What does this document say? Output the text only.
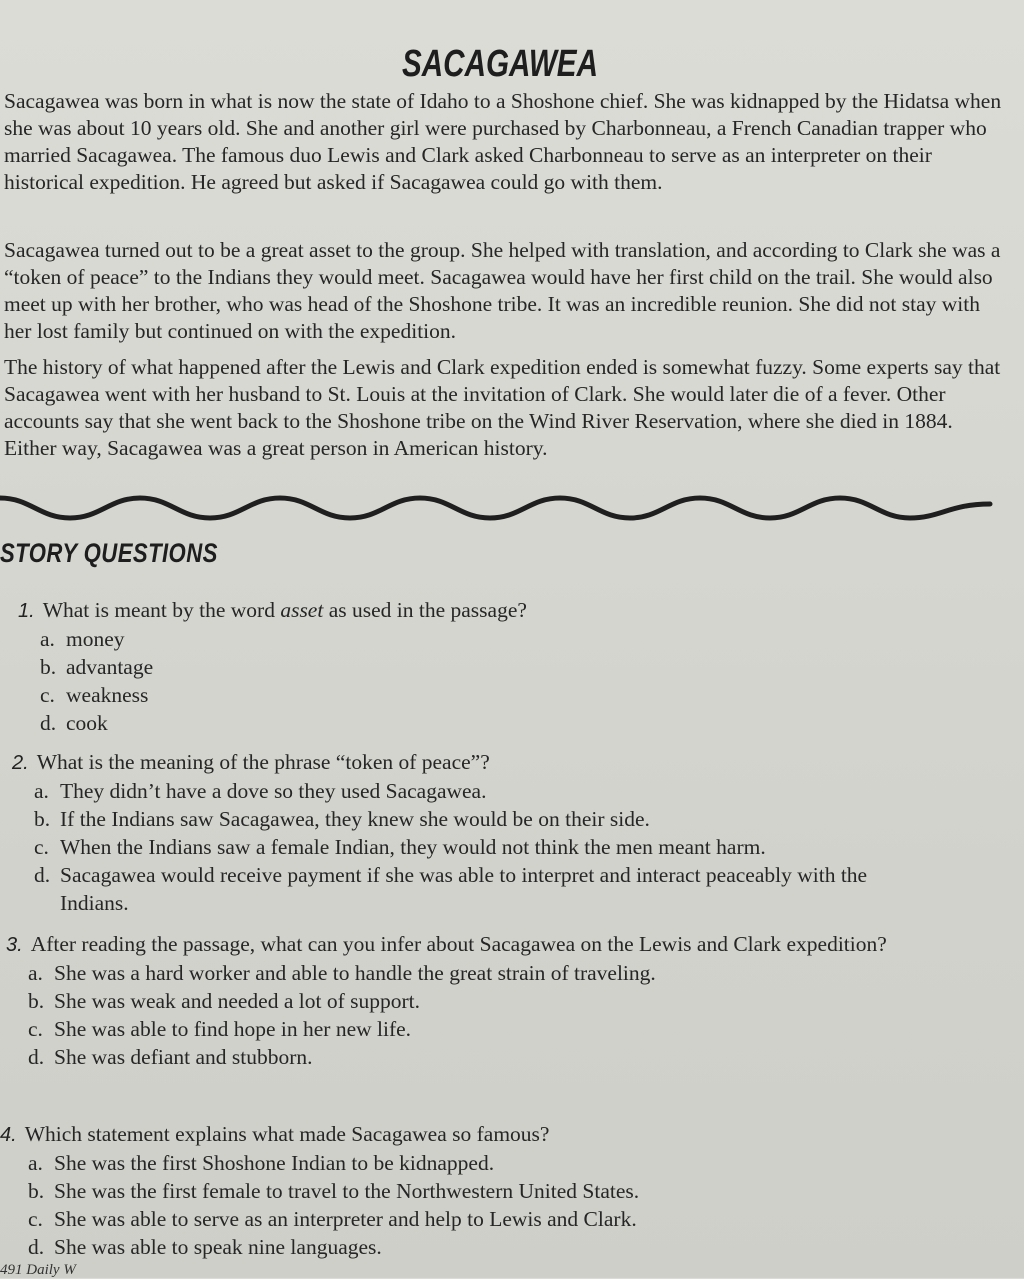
SACAGAWEA

Sacagawea was born in what is now the state of Idaho to a Shoshone chief. She was kidnapped by the Hidatsa when she was about 10 years old. She and another girl were purchased by Charbonneau, a French Canadian trapper who married Sacagawea. The famous duo Lewis and Clark asked Charbonneau to serve as an interpreter on their historical expedition. He agreed but asked if Sacagawea could go with them.

Sacagawea turned out to be a great asset to the group. She helped with translation, and according to Clark she was a “token of peace” to the Indians they would meet. Sacagawea would have her first child on the trail. She would also meet up with her brother, who was head of the Shoshone tribe. It was an incredible reunion. She did not stay with her lost family but continued on with the expedition.

The history of what happened after the Lewis and Clark expedition ended is somewhat fuzzy. Some experts say that Sacagawea went with her husband to St. Louis at the invitation of Clark. She would later die of a fever. Other accounts say that she went back to the Shoshone tribe on the Wind River Reservation, where she died in 1884. Either way, Sacagawea was a great person in American history.

STORY QUESTIONS
1. What is meant by the word asset as used in the passage?
a. money
b. advantage
c. weakness
d. cook
2. What is the meaning of the phrase “token of peace”?
a. They didn’t have a dove so they used Sacagawea.
b. If the Indians saw Sacagawea, they knew she would be on their side.
c. When the Indians saw a female Indian, they would not think the men meant harm.
d. Sacagawea would receive payment if she was able to interpret and interact peaceably with the Indians.
3. After reading the passage, what can you infer about Sacagawea on the Lewis and Clark expedition?
a. She was a hard worker and able to handle the great strain of traveling.
b. She was weak and needed a lot of support.
c. She was able to find hope in her new life.
d. She was defiant and stubborn.
4. Which statement explains what made Sacagawea so famous?
a. She was the first Shoshone Indian to be kidnapped.
b. She was the first female to travel to the Northwestern United States.
c. She was able to serve as an interpreter and help to Lewis and Clark.
d. She was able to speak nine languages.
491 Daily W
